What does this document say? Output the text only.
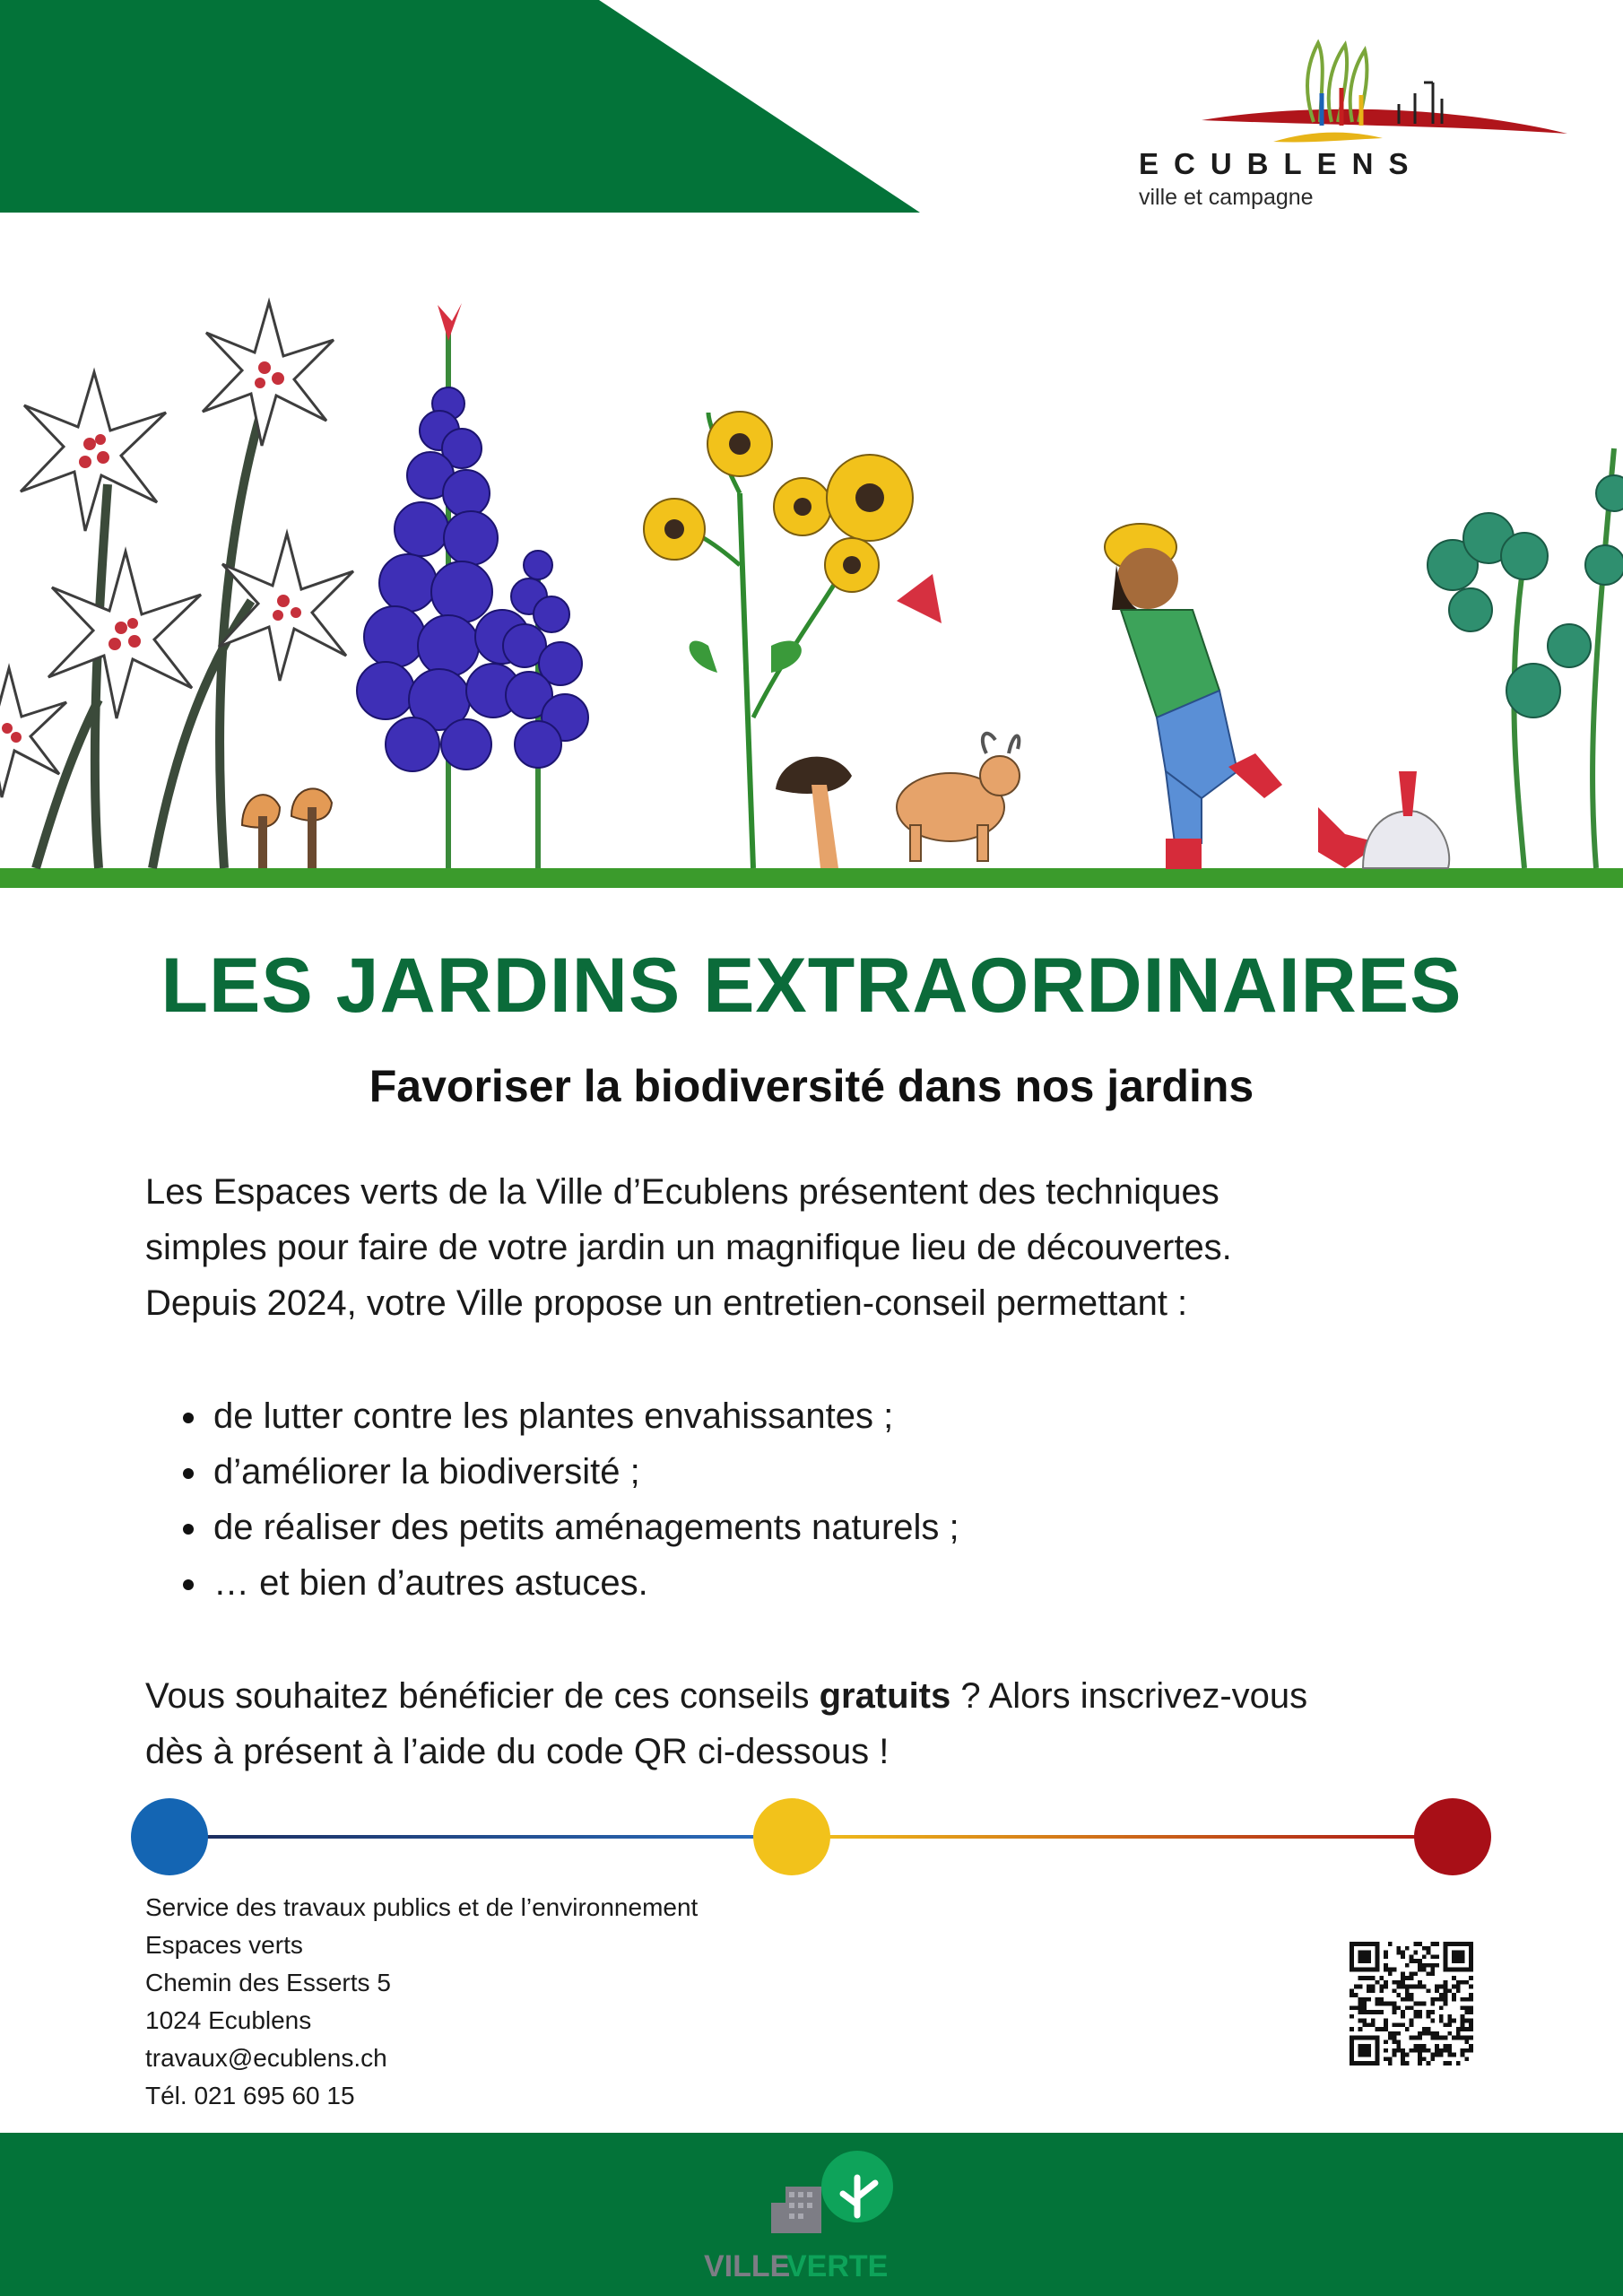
ECUBLENS
ville et campagne
LES JARDINS EXTRAORDINAIRES
Favoriser la biodiversité dans nos jardins
Les Espaces verts de la Ville d’Ecublens présentent des techniques
simples pour faire de votre jardin un magnifique lieu de découvertes.
Depuis 2024, votre Ville propose un entretien-conseil permettant :
de lutter contre les plantes envahissantes ;
d’améliorer la biodiversité ;
de réaliser des petits aménagements naturels ;
… et bien d’autres astuces.
Vous souhaitez bénéficier de ces conseils gratuits ? Alors inscrivez-vous
dès à présent à l’aide du code QR ci-dessous !
Service des travaux publics et de l’environnement
Espaces verts
Chemin des Esserts 5
1024 Ecublens
travaux@ecublens.ch
Tél. 021 695 60 15
VILLE
VERTE
